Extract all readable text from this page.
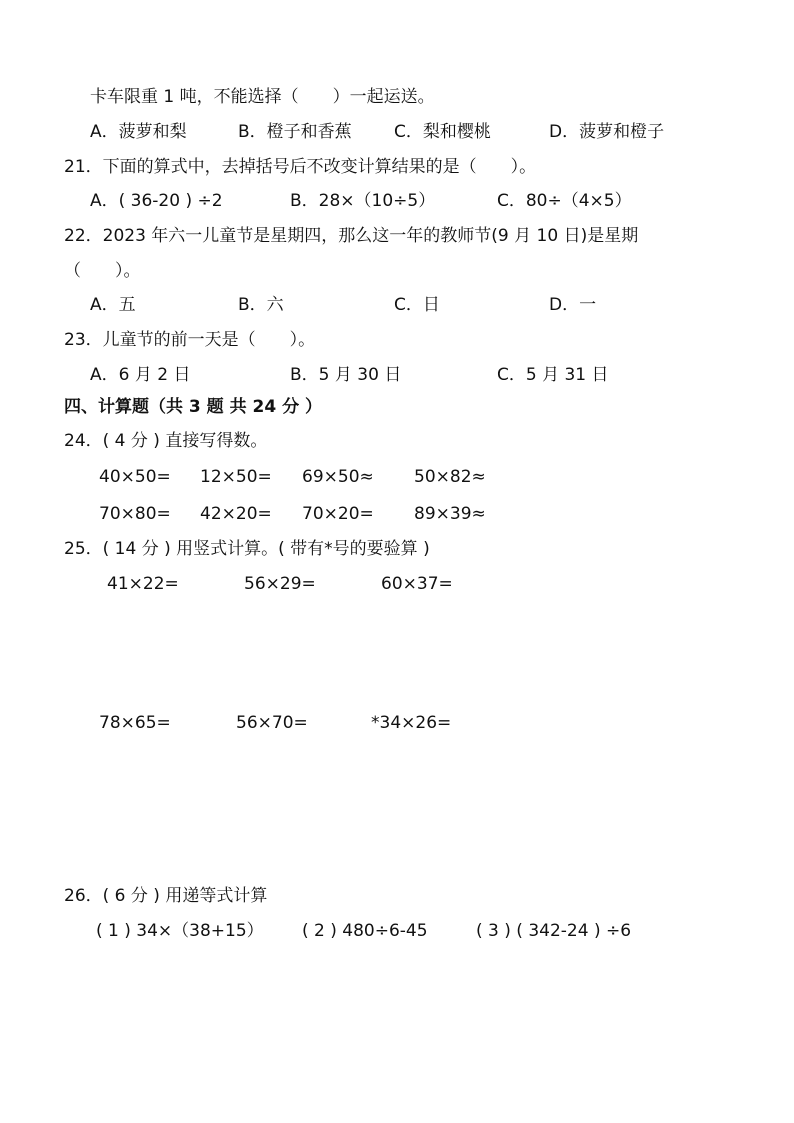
卡车限重 1 吨，不能选择（　　）一起运送。
A．菠萝和梨	B．橙子和香蕉 C．梨和樱桃	D．菠萝和橙子
21．下面的算式中，去掉括号后不改变计算结果的是（　　）。
A．( 36-20 ) ÷2	B．28×（10÷5）	C．80÷（4×5）
22．2023 年六一儿童节是星期四，那么这一年的教师节(9 月 10 日)是星期
（　　）。
A．五	B．六	C．日	D．一
23．儿童节的前一天是（　　）。
A．6 月 2 日	B．5 月 30 日	C．5 月 31 日
四、计算题（共 3 题 共 24 分 ）
24．( 4 分 ) 直接写得数。
40×50= 12×50= 69×50≈ 50×82≈
70×80= 42×20= 70×20= 89×39≈
25．( 14 分 ) 用竖式计算。( 带有*号的要验算 )
41×22=	56×29=	60×37=
78×65=	56×70=	*34×26=
26．( 6 分 ) 用递等式计算
( 1 ) 34×（38+15） ( 2 ) 480÷6-45	( 3 ) ( 342-24 ) ÷6
